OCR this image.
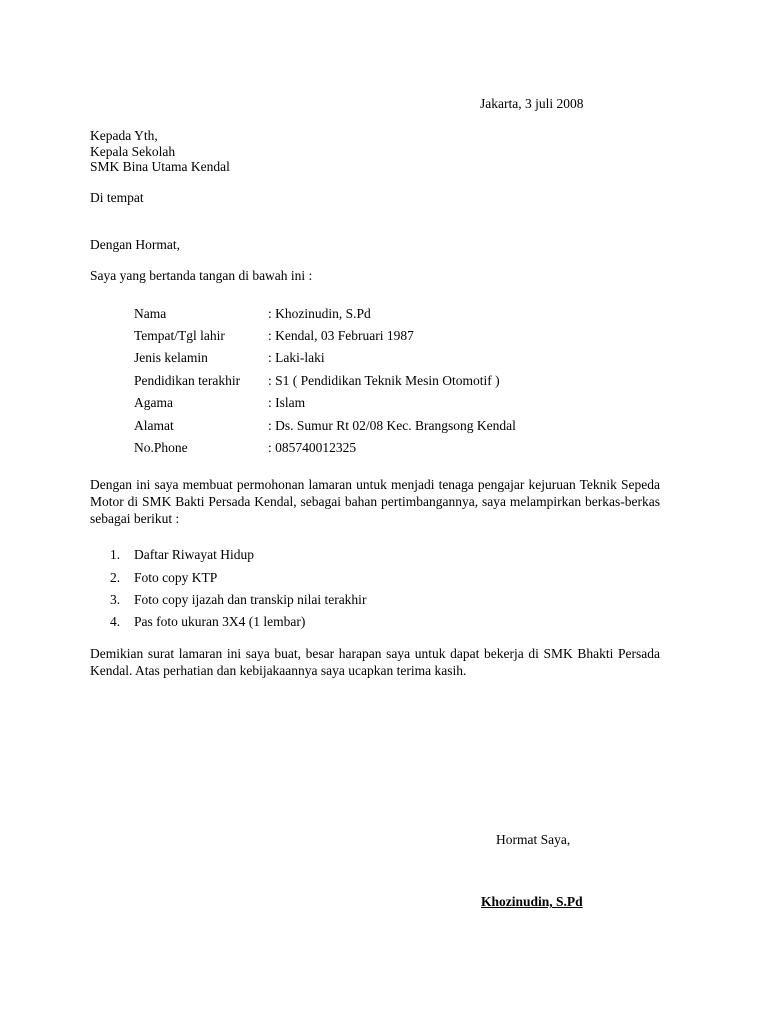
Jakarta, 3 juli 2008
Kepada Yth,
Kepala Sekolah
SMK Bina Utama Kendal
Di tempat
Dengan Hormat,
Saya yang bertanda tangan di bawah ini :
Nama	: Khozinudin, S.Pd
Tempat/Tgl lahir	: Kendal, 03 Februari 1987
Jenis kelamin	: Laki-laki
Pendidikan terakhir : S1 ( Pendidikan Teknik Mesin Otomotif )
Agama	: Islam
Alamat	: Ds. Sumur Rt 02/08 Kec. Brangsong Kendal
No.Phone	: 085740012325
Dengan ini saya membuat permohonan lamaran untuk menjadi tenaga pengajar kejuruan Teknik Sepeda Motor di SMK Bakti Persada Kendal, sebagai bahan pertimbangannya, saya melampirkan berkas-berkas sebagai berikut :
1. Daftar Riwayat Hidup
2. Foto copy KTP
3. Foto copy ijazah dan transkip nilai terakhir
4. Pas foto ukuran 3X4 (1 lembar)
Demikian surat lamaran ini saya buat, besar harapan saya untuk dapat bekerja di SMK Bhakti Persada Kendal. Atas perhatian dan kebijakaannya saya ucapkan terima kasih.
Hormat Saya,
Khozinudin, S.Pd
